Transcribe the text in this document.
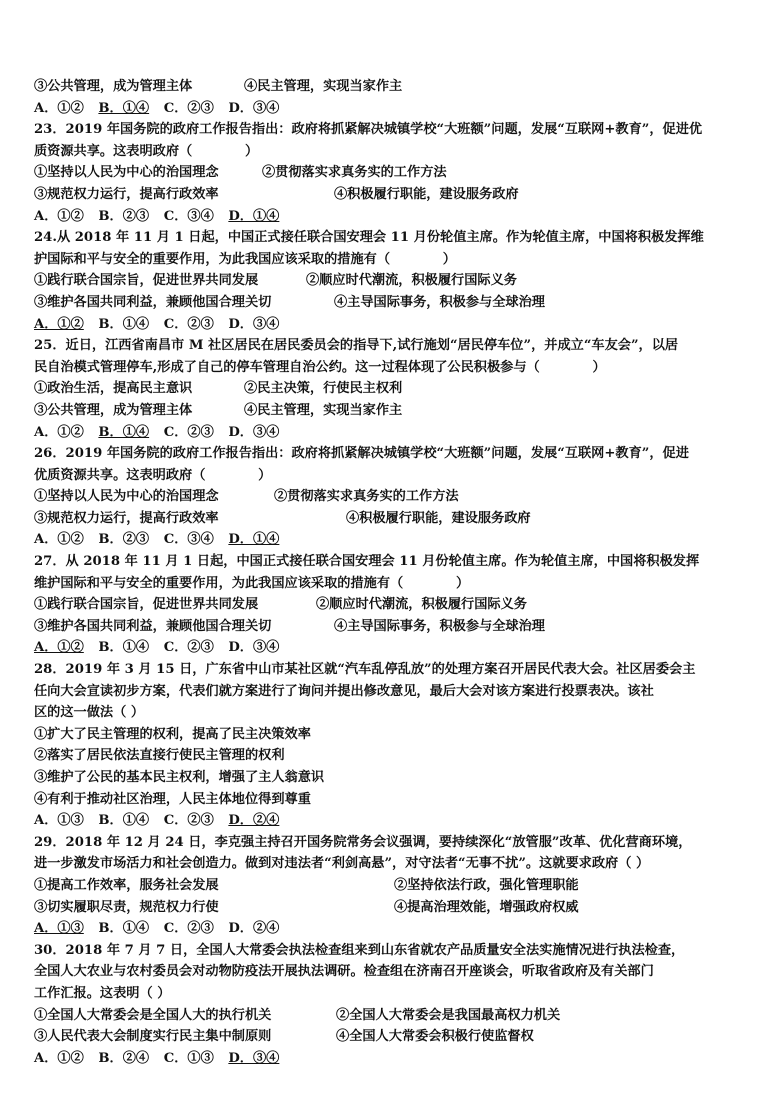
③公共管理，成为管理主体	④民主管理，实现当家作主
A．①② B．①④ C．②③ D．③④
23．2019 年国务院的政府工作报告指出：政府将抓紧解决城镇学校“大班额”问题，发展“互联网+教育”，促进优
质资源共享。这表明政府（　　　　）
①坚持以人民为中心的治国理念	②贯彻落实求真务实的工作方法
③规范权力运行，提高行政效率	④积极履行职能，建设服务政府
A．①② B．②③ C．③④ D．①④
24.从 2018 年 11 月 1 日起，中国正式接任联合国安理会 11 月份轮值主席。作为轮值主席，中国将积极发挥维
护国际和平与安全的重要作用，为此我国应该采取的措施有（　　　　）
①践行联合国宗旨，促进世界共同发展	②顺应时代潮流，积极履行国际义务
③维护各国共同利益，兼顾他国合理关切	④主导国际事务，积极参与全球治理
A．①② B．①④ C．②③ D．③④
25．近日，江西省南昌市 M 社区居民在居民委员会的指导下,试行施划“居民停车位”，并成立“车友会”，以居
民自治模式管理停车,形成了自己的停车管理自治公约。这一过程体现了公民积极参与（　　　　）
①政治生活，提高民主意识	②民主决策，行使民主权利
③公共管理，成为管理主体	④民主管理，实现当家作主
A．①② B．①④ C．②③ D．③④
26．2019 年国务院的政府工作报告指出：政府将抓紧解决城镇学校“大班额”问题，发展“互联网+教育”，促进
优质资源共享。这表明政府（　　　　）
①坚持以人民为中心的治国理念	②贯彻落实求真务实的工作方法
③规范权力运行，提高行政效率	④积极履行职能，建设服务政府
A．①② B．②③ C．③④ D．①④
27．从 2018 年 11 月 1 日起，中国正式接任联合国安理会 11 月份轮值主席。作为轮值主席，中国将积极发挥
维护国际和平与安全的重要作用，为此我国应该采取的措施有（　　　　）
①践行联合国宗旨，促进世界共同发展	②顺应时代潮流，积极履行国际义务
③维护各国共同利益，兼顾他国合理关切	④主导国际事务，积极参与全球治理
A．①② B．①④ C．②③ D．③④
28．2019 年 3 月 15 日，广东省中山市某社区就“汽车乱停乱放”的处理方案召开居民代表大会。社区居委会主
任向大会宣读初步方案，代表们就方案进行了询问并提出修改意见，最后大会对该方案进行投票表决。该社
区的这一做法（ ）
①扩大了民主管理的权利，提高了民主决策效率
②落实了居民依法直接行使民主管理的权利
③维护了公民的基本民主权利，增强了主人翁意识
④有利于推动社区治理，人民主体地位得到尊重
A．①③ B．①④ C．②③ D．②④
29．2018 年 12 月 24 日，李克强主持召开国务院常务会议强调，要持续深化“放管服”改革、优化营商环境，
进一步激发市场活力和社会创造力。做到对违法者“利剑高悬”，对守法者“无事不扰”。这就要求政府（ ）
①提高工作效率，服务社会发展	②坚持依法行政，强化管理职能
③切实履职尽责，规范权力行使	④提高治理效能，增强政府权威
A．①③ B．①④ C．②③ D．②④
30．2018 年 7 月 7 日，全国人大常委会执法检查组来到山东省就农产品质量安全法实施情况进行执法检查，
全国人大农业与农村委员会对动物防疫法开展执法调研。检查组在济南召开座谈会，听取省政府及有关部门
工作汇报。这表明（ ）
①全国人大常委会是全国人大的执行机关	②全国人大常委会是我国最高权力机关
③人民代表大会制度实行民主集中制原则	④全国人大常委会积极行使监督权
A．①② B．②④ C．①③ D．③④
